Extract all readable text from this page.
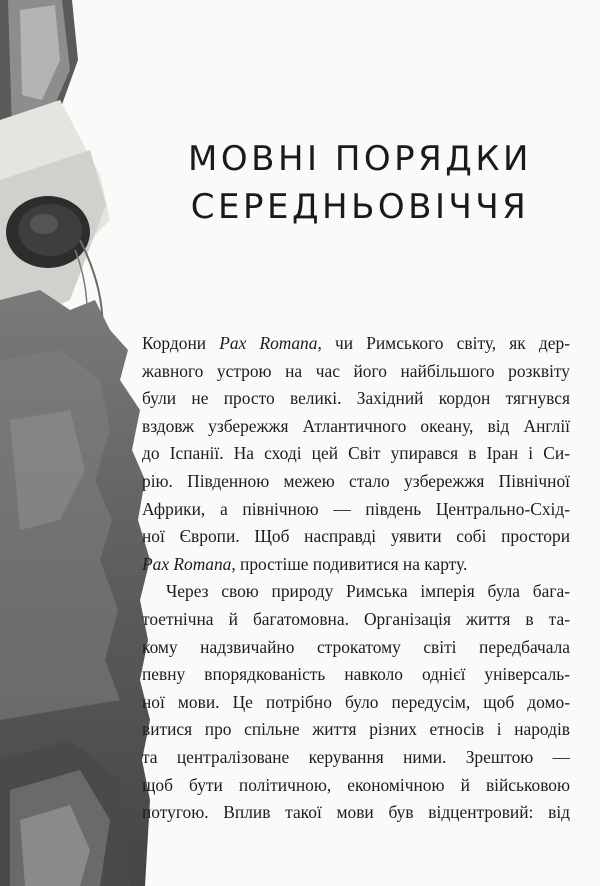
МОВНІ ПОРЯДКИ
СЕРЕДНЬОВІЧЧЯ

Кордони Pax Romana, чи Римського світу, як дер-
жавного устрою на час його найбільшого розквіту
були не просто великі. Західний кордон тягнувся
вздовж узбережжя Атлантичного океану, від Англії
до Іспанії. На сході цей Світ упирався в Іран і Си-
рію. Південною межею стало узбережжя Північної
Африки, а північною — південь Центрально-Схід-
ної Європи. Щоб насправді уявити собі простори
Pax Romana, простіше подивитися на карту.

Через свою природу Римська імперія була бага-
тоетнічна й багатомовна. Організація життя в та-
кому надзвичайно строкатому світі передбачала
певну впорядкованість навколо однієї універсаль-
ної мови. Це потрібно було передусім, щоб домо-
витися про спільне життя різних етносів і народів
та централізоване керування ними. Зрештою —
щоб бути політичною, економічною й військовою
потугою. Вплив такої мови був відцентровий: від
